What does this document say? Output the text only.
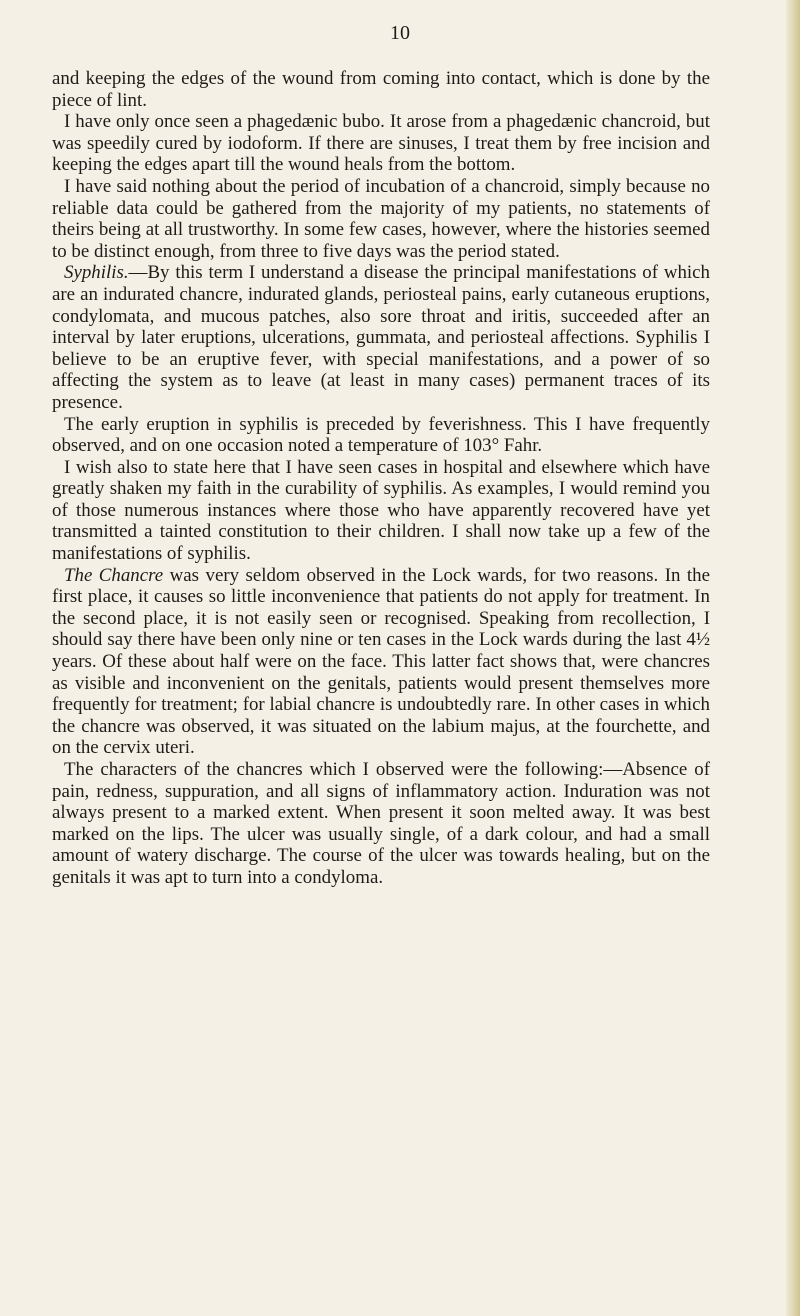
10

and keeping the edges of the wound from coming into contact, which is done by the piece of lint.

I have only once seen a phagedænic bubo. It arose from a phagedænic chancroid, but was speedily cured by iodoform. If there are sinuses, I treat them by free incision and keeping the edges apart till the wound heals from the bottom.

I have said nothing about the period of incubation of a chancroid, simply because no reliable data could be gathered from the majority of my patients, no statements of theirs being at all trustworthy. In some few cases, however, where the histories seemed to be distinct enough, from three to five days was the period stated.

Syphilis.—By this term I understand a disease the principal manifestations of which are an indurated chancre, indurated glands, periosteal pains, early cutaneous eruptions, condylomata, and mucous patches, also sore throat and iritis, succeeded after an interval by later eruptions, ulcerations, gummata, and periosteal affections. Syphilis I believe to be an eruptive fever, with special manifestations, and a power of so affecting the system as to leave (at least in many cases) permanent traces of its presence.

The early eruption in syphilis is preceded by feverishness. This I have frequently observed, and on one occasion noted a temperature of 103° Fahr.

I wish also to state here that I have seen cases in hospital and elsewhere which have greatly shaken my faith in the curability of syphilis. As examples, I would remind you of those numerous instances where those who have apparently recovered have yet transmitted a tainted constitution to their children. I shall now take up a few of the manifestations of syphilis.

The Chancre was very seldom observed in the Lock wards, for two reasons. In the first place, it causes so little inconvenience that patients do not apply for treatment. In the second place, it is not easily seen or recognised. Speaking from recollection, I should say there have been only nine or ten cases in the Lock wards during the last 4½ years. Of these about half were on the face. This latter fact shows that, were chancres as visible and inconvenient on the genitals, patients would present themselves more frequently for treatment; for labial chancre is undoubtedly rare. In other cases in which the chancre was observed, it was situated on the labium majus, at the fourchette, and on the cervix uteri.

The characters of the chancres which I observed were the following:—Absence of pain, redness, suppuration, and all signs of inflammatory action. Induration was not always present to a marked extent. When present it soon melted away. It was best marked on the lips. The ulcer was usually single, of a dark colour, and had a small amount of watery discharge. The course of the ulcer was towards healing, but on the genitals it was apt to turn into a condyloma.
